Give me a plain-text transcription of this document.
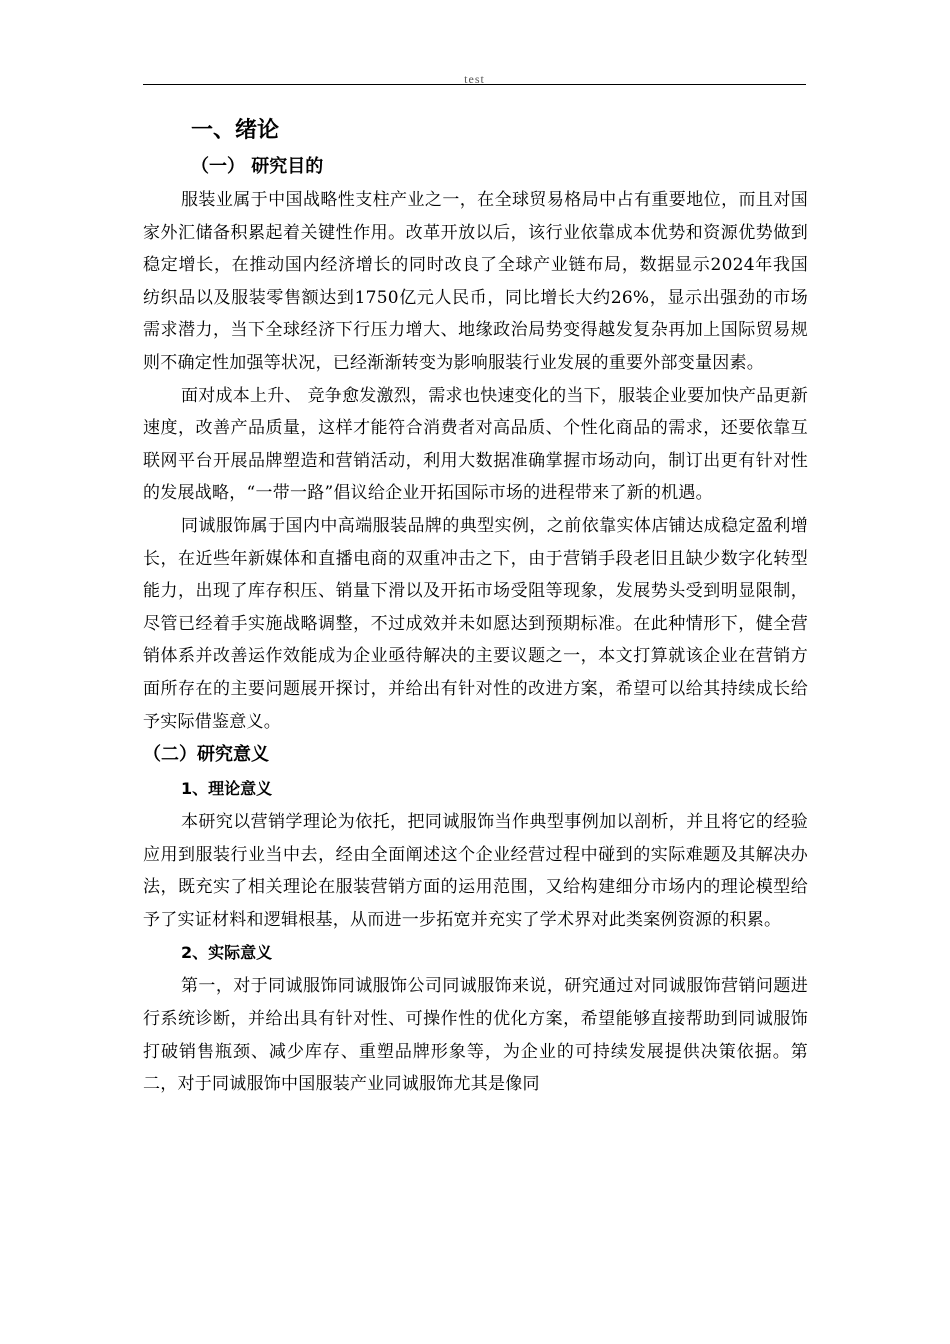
test
一、绪论
（一） 研究目的

服装业属于中国战略性支柱产业之一，在全球贸易格局中占有重要地位，而且对国家外汇储备积累起着关键性作用。改革开放以后，该行业依靠成本优势和资源优势做到稳定增长，在推动国内经济增长的同时改良了全球产业链布局，数据显示2024年我国纺织品以及服装零售额达到1750亿元人民币，同比增长大约26%，显示出强劲的市场需求潜力，当下全球经济下行压力增大、地缘政治局势变得越发复杂再加上国际贸易规则不确定性加强等状况，已经渐渐转变为影响服装行业发展的重要外部变量因素。

面对成本上升、 竞争愈发激烈，需求也快速变化的当下，服装企业要加快产品更新速度，改善产品质量，这样才能符合消费者对高品质、个性化商品的需求，还要依靠互联网平台开展品牌塑造和营销活动，利用大数据准确掌握市场动向，制订出更有针对性的发展战略，“一带一路”倡议给企业开拓国际市场的进程带来了新的机遇。

同诚服饰属于国内中高端服装品牌的典型实例，之前依靠实体店铺达成稳定盈利增长，在近些年新媒体和直播电商的双重冲击之下，由于营销手段老旧且缺少数字化转型能力，出现了库存积压、销量下滑以及开拓市场受阻等现象，发展势头受到明显限制，尽管已经着手实施战略调整，不过成效并未如愿达到预期标准。在此种情形下，健全营销体系并改善运作效能成为企业亟待解决的主要议题之一，本文打算就该企业在营销方面所存在的主要问题展开探讨，并给出有针对性的改进方案，希望可以给其持续成长给予实际借鉴意义。

（二）研究意义
1、理论意义

本研究以营销学理论为依托，把同诚服饰当作典型事例加以剖析，并且将它的经验应用到服装行业当中去，经由全面阐述这个企业经营过程中碰到的实际难题及其解决办法，既充实了相关理论在服装营销方面的运用范围，又给构建细分市场内的理论模型给予了实证材料和逻辑根基，从而进一步拓宽并充实了学术界对此类案例资源的积累。

2、实际意义

第一，对于同诚服饰同诚服饰公司同诚服饰来说，研究通过对同诚服饰营销问题进行系统诊断，并给出具有针对性、可操作性的优化方案，希望能够直接帮助到同诚服饰打破销售瓶颈、减少库存、重塑品牌形象等，为企业的可持续发展提供决策依据。第二，对于同诚服饰中国服装产业同诚服饰尤其是像同
